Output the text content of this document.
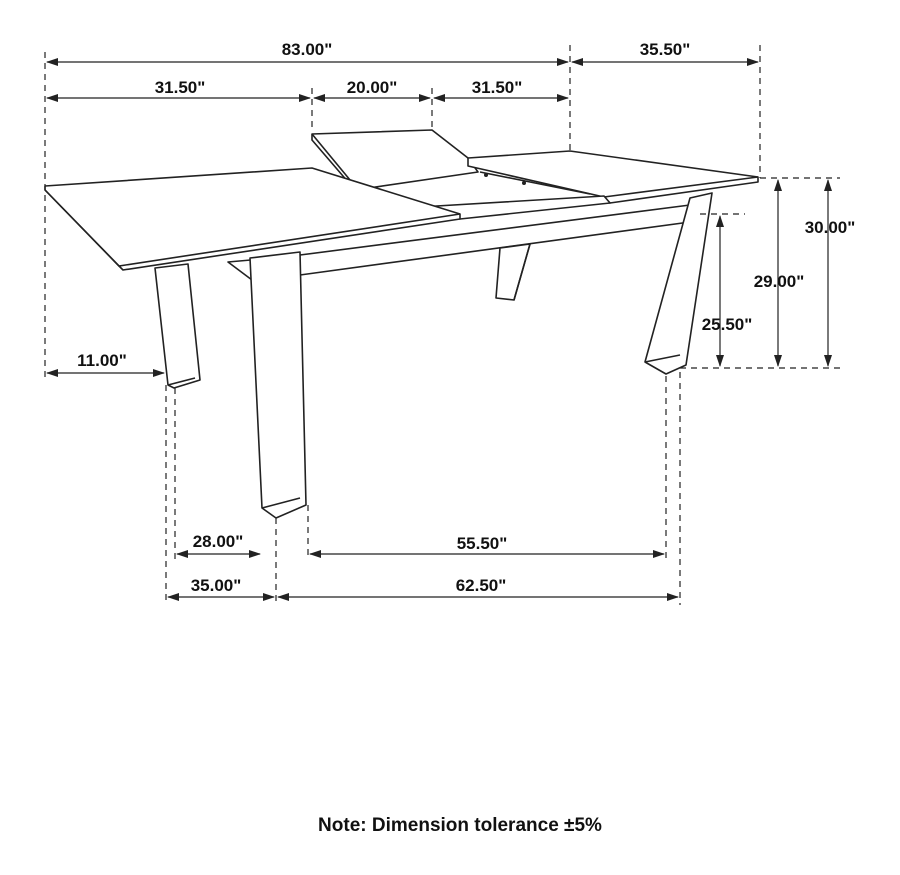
83.00"	35.50"
31.50"	20.00"	31.50"
30.00"
29.00"
25.50"
11.00"
28.00"
35.00"
55.50"
62.50"
Note: Dimension tolerance ±5%
